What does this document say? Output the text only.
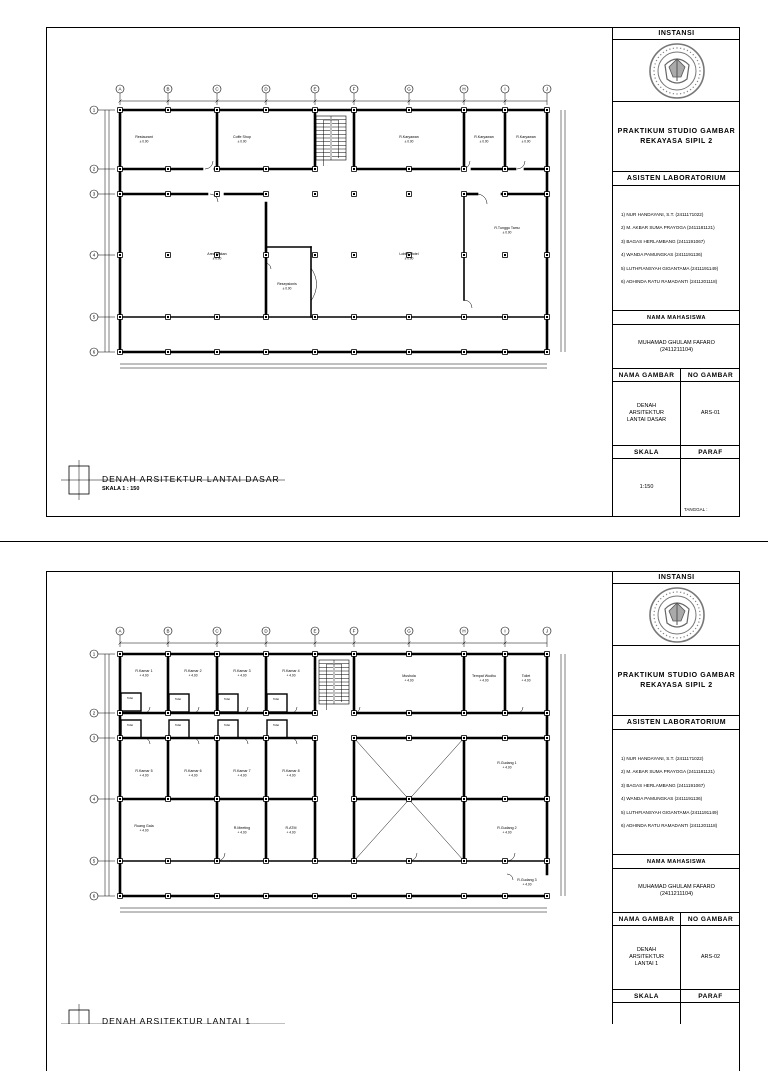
A	B	C	D	E	F	G	H	I	J
1
2
3
4
5
6
Restaurant
± 0.00
Coffe Shop
± 0.00
R.Karyawan
± 0.00
R.Karyawan
± 0.00
R.Karyawan
± 0.00
Area Makan
± 0.00
Lobby Hotel
± 0.00
R.Tunggu Tamu
± 0.00
Resepsionis
± 0.00
DENAH ARSITEKTUR LANTAI DASAR
SKALA 1 : 150
INSTANSI
PRAKTIKUM STUDIO GAMBAR
REKAYASA SIPIL 2
ASISTEN LABORATORIUM
1) NUR HANDAYANI, S.T. (2411171022)
2) M. AKBAR SUMA PRAYOGA (2411181121)
3) BAGAS HERLAMBANG (2411191067)
4) WANDA PAMUNGKAS (2411191136)
5) LUTHFIANSYAH GIGANTAMA (2411191149)
6) ADHINDA RATU RAMADANTI (2411201118)
NAMA MAHASISWA
MUHAMAD GHULAM FAFARO
(2411211104)
NAMA GAMBAR NO GAMBAR
DENAH
ARSITEKTUR
LANTAI DASAR
ARS-01
SKALA	PARAF
1:150
TANGGAL :
A	B	C	D	E	F	G	H	I	J
1
2
3
4
5
6
Toilet	Toilet	Toilet	Toilet
Toilet	Toilet	Toilet	Toilet
R.Kamar 1
+ 4.00
R.Kamar 2
+ 4.00
R.Kamar 3
+ 4.00
R.Kamar 4
+ 4.00	Mushola
+ 4.00
Tempat Wudhu
+ 4.00
Toilet
+ 4.00
R.Kamar 5
+ 4.00
R.Kamar 6
+ 4.00
R.Kamar 7
+ 4.00
R.Kamar 8
+ 4.00
R.Gudang 1
+ 4.00
Ruang Gala
+ 4.00
R.Meeting
+ 4.00
R.ATM
+ 4.00
R.Gudang 2
+ 4.00
R.Gudang 3
+ 4.00
DENAH ARSITEKTUR LANTAI 1
INSTANSI
PRAKTIKUM STUDIO GAMBAR
REKAYASA SIPIL 2
ASISTEN LABORATORIUM
1) NUR HANDAYANI, S.T. (2411171022)
2) M. AKBAR SUMA PRAYOGA (2411181121)
3) BAGAS HERLAMBANG (2411191067)
4) WANDA PAMUNGKAS (2411191136)
5) LUTHFIANSYAH GIGANTAMA (2411191149)
6) ADHINDA RATU RAMADANTI (2411201118)
NAMA MAHASISWA
MUHAMAD GHULAM FAFARO
(2411211104)
NAMA GAMBAR NO GAMBAR
DENAH
ARSITEKTUR
LANTAI 1
ARS-02
SKALA	PARAF
